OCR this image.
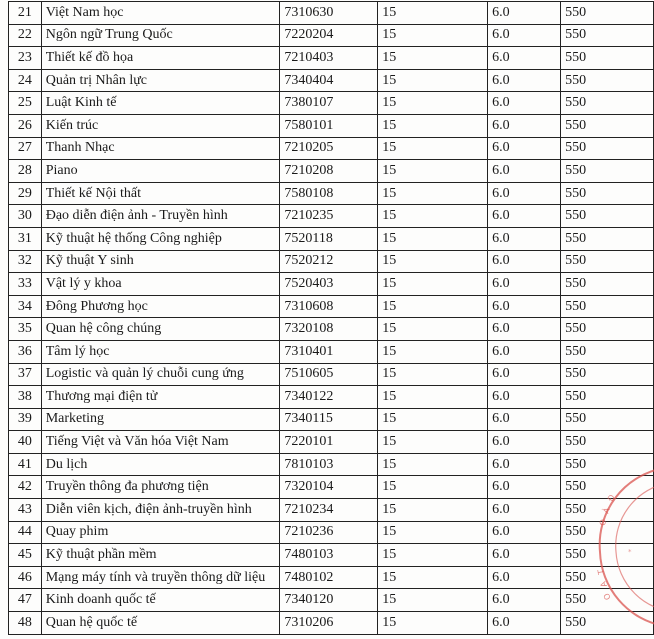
21	Việt Nam học	7310630	15	6.0	550
22	Ngôn ngữ Trung Quốc	7220204	15	6.0	550
23	Thiết kế đồ họa	7210403	15	6.0	550
24	Quản trị Nhân lực	7340404	15	6.0	550
25	Luật Kinh tế	7380107	15	6.0	550
26	Kiến trúc	7580101	15	6.0	550
27	Thanh Nhạc	7210205	15	6.0	550
28	Piano	7210208	15	6.0	550
29	Thiết kế Nội thất	7580108	15	6.0	550
30	Đạo diễn điện ảnh - Truyền hình	7210235	15	6.0	550
31	Kỹ thuật hệ thống Công nghiệp	7520118	15	6.0	550
32	Kỹ thuật Y sinh	7520212	15	6.0	550
33	Vật lý y khoa	7520403	15	6.0	550
34	Đông Phương học	7310608	15	6.0	550
35	Quan hệ công chúng	7320108	15	6.0	550
36	Tâm lý học	7310401	15	6.0	550
37	Logistic và quản lý chuỗi cung ứng	7510605	15	6.0	550
38	Thương mại điện tử	7340122	15	6.0	550
39	Marketing	7340115	15	6.0	550
40	Tiếng Việt và Văn hóa Việt Nam	7220101	15	6.0	550
41	Du lịch	7810103	15	6.0	550
42	Truyền thông đa phương tiện	7320104	15	6.0	550
43	Diễn viên kịch, điện ảnh-truyền hình	7210234	15	6.0	550
44	Quay phim	7210236	15	6.0	550
45	Kỹ thuật phần mềm	7480103	15	6.0	550
46	Mạng máy tính và truyền thông dữ liệu	7480102	15	6.0	550
47	Kinh doanh quốc tế	7340120	15	6.0	550
48	Quan hệ quốc tế	7310206	15	6.0	550
Đ
À
O
T
A
O
*
